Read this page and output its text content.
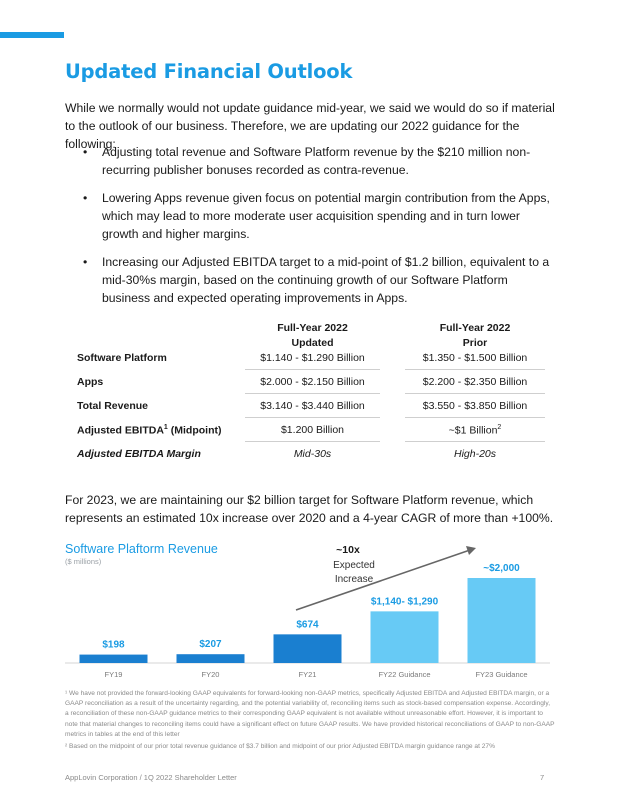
Updated Financial Outlook

While we normally would not update guidance mid-year, we said we would do so if material to the outlook of our business. Therefore, we are updating our 2022 guidance for the following:

• Adjusting total revenue and Software Platform revenue by the $210 million non-recurring publisher bonuses recorded as contra-revenue.
• Lowering Apps revenue given focus on potential margin contribution from the Apps, which may lead to more moderate user acquisition spending and in turn lower growth and higher margins.
• Increasing our Adjusted EBITDA target to a mid-point of $1.2 billion, equivalent to a mid-30%s margin, based on the continuing growth of our Software Platform business and expected operating improvements in Apps.
Full-Year 2022
Updated
Full-Year 2022
Prior
Software Platform	$1.140 - $1.290 Billion	$1.350 - $1.500 Billion
Apps	$2.000 - $2.150 Billion	$2.200 - $2.350 Billion
Total Revenue	$3.140 - $3.440 Billion	$3.550 - $3.850 Billion
Adjusted EBITDA$^1$ (Midpoint)	$1.200 Billion	~$1 Billion$^2$
Adjusted EBITDA Margin	Mid-30s	High-20s

For 2023, we are maintaining our $2 billion target for Software Platform revenue, which represents an estimated 10x increase over 2020 and a 4-year CAGR of more than +100%.

Software Plaftorm Revenue
($ millions)
$198
FY19
$207
FY20
$674
FY21
$1,140- $1,290
FY22 Guidance
~$2,000
FY23 Guidance
~10x
Expected
Increase

¹ We have not provided the forward-looking GAAP equivalents for forward-looking non-GAAP metrics, specifically Adjusted EBITDA and Adjusted EBITDA margin, or a GAAP reconciliation as a result of the uncertainty regarding, and the potential variability of, reconciling items such as stock-based compensation expense. Accordingly, a reconciliation of these non-GAAP guidance metrics to their corresponding GAAP equivalent is not available without unreasonable effort. However, it is important to note that material changes to reconciling items could have a significant effect on future GAAP results. We have provided historical reconciliations of GAAP to non-GAAP metrics in tables at the end of this letter

² Based on the midpoint of our prior total revenue guidance of $3.7 billion and midpoint of our prior Adjusted EBITDA margin guidance range at 27%

AppLovin Corporation / 1Q 2022 Shareholder Letter	7
